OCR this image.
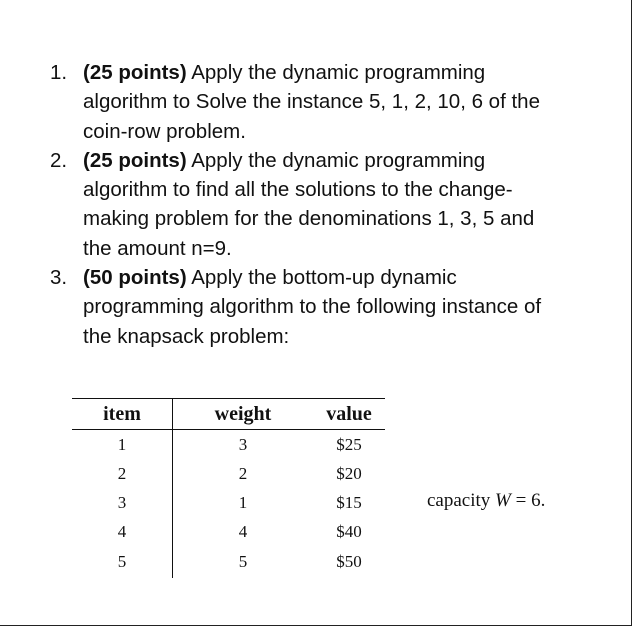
1. (25 points) Apply the dynamic programming
algorithm to Solve the instance 5, 1, 2, 10, 6 of the
coin-row problem.
2. (25 points) Apply the dynamic programming
algorithm to find all the solutions to the change-
making problem for the denominations 1, 3, 5 and
the amount n=9.
3. (50 points) Apply the bottom-up dynamic
programming algorithm to the following instance of
the knapsack problem:
item	weight	value
1	3	$25
2	2	$20
3	1	$15
4	4	$40
5	5	$50
capacity W = 6.
